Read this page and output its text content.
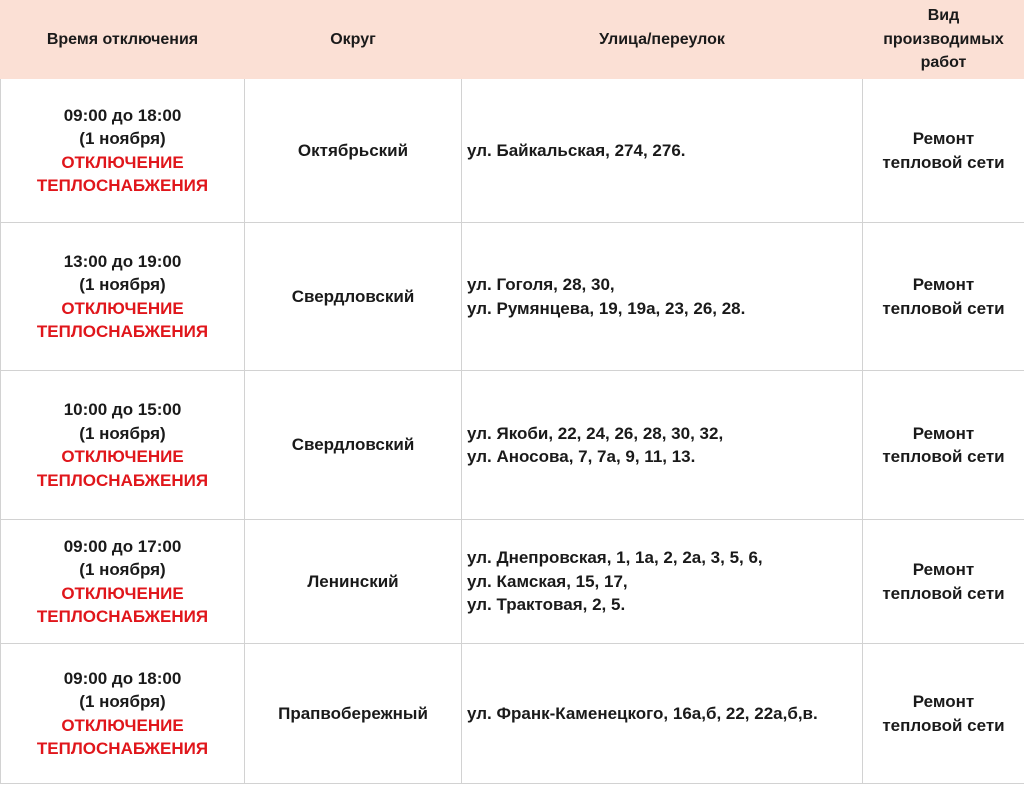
Время отключения	Округ	Улица/переулок	Вид
производимых
работ

09:00 до 18:00
(1 ноября)
ОТКЛЮЧЕНИЕ
ТЕПЛОСНАБЖЕНИЯ	Октябрьский	ул. Байкальская, 274, 276.	Ремонт
тепловой сети

13:00 до 19:00
(1 ноября)
ОТКЛЮЧЕНИЕ
ТЕПЛОСНАБЖЕНИЯ	Свердловский	ул. Гоголя, 28, 30,
ул. Румянцева, 19, 19а, 23, 26, 28.	Ремонт
тепловой сети

10:00 до 15:00
(1 ноября)
ОТКЛЮЧЕНИЕ
ТЕПЛОСНАБЖЕНИЯ	Свердловский	ул. Якоби, 22, 24, 26, 28, 30, 32,
ул. Аносова, 7, 7а, 9, 11, 13.	Ремонт
тепловой сети

09:00 до 17:00
(1 ноября)
ОТКЛЮЧЕНИЕ
ТЕПЛОСНАБЖЕНИЯ	Ленинский	ул. Днепровская, 1, 1а, 2, 2а, 3, 5, 6,
ул. Камская, 15, 17,
ул. Трактовая, 2, 5.	Ремонт
тепловой сети

09:00 до 18:00
(1 ноября)
ОТКЛЮЧЕНИЕ
ТЕПЛОСНАБЖЕНИЯ	Прапвобережный	ул. Франк-Каменецкого, 16а,б, 22, 22а,б,в.	Ремонт
тепловой сети
